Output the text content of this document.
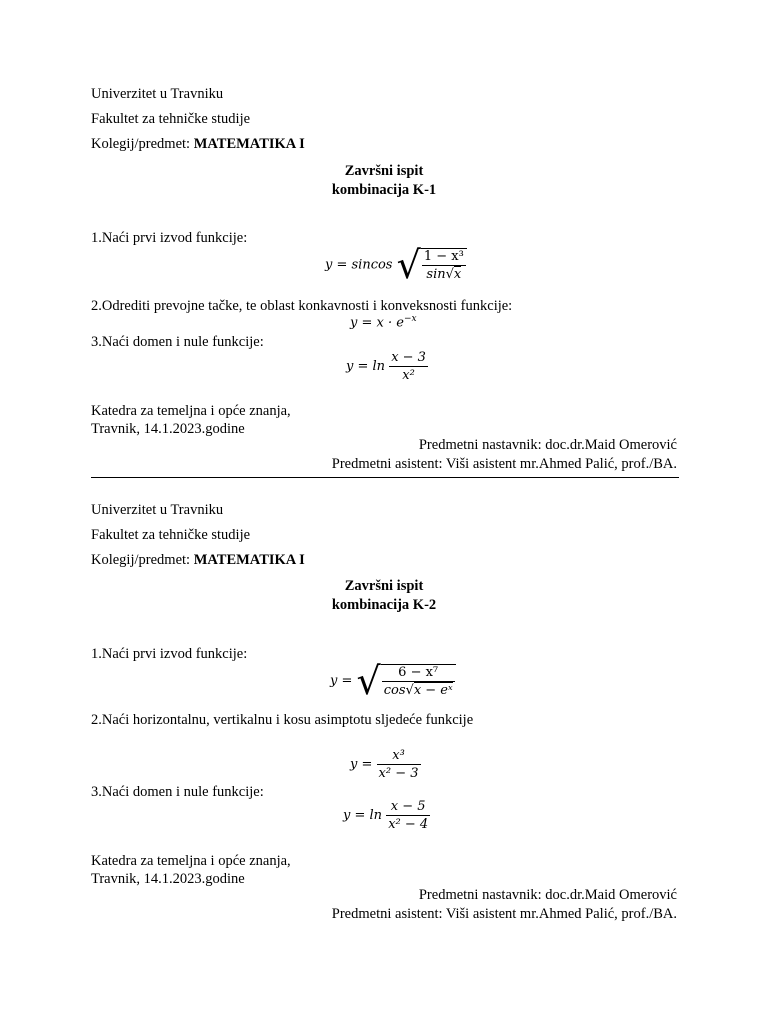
Univerzitet u Travniku
Fakultet za tehničke studije
Kolegij/predmet: MATEMATIKA I
Završni ispit
kombinacija K-1
1.Naći prvi izvod funkcije:
y = sincos √ $\frac{\text{1 − x³}}{\sin√x}$
2.Odrediti prevojne tačke, te oblast konkavnosti i konveksnosti funkcije:
$y = x \cdot e^{-x}$
3.Naći domen i nule funkcije:
$y = \ln \frac{x - 3}{\text{x²}}$
Katedra za temeljna i opće znanja,
Travnik, 14.1.2023.godine
Predmetni nastavnik: doc.dr.Maid Omerović
Predmetni asistent: Viši asistent mr.Ahmed Palić, prof./BA.
Univerzitet u Travniku
Fakultet za tehničke studije
Kolegij/predmet: MATEMATIKA I
Završni ispit
kombinacija K-2
1.Naći prvi izvod funkcije:
y = √ $\frac{\text{6 − x⁷}}{\text{cos√x − eˣ}}$
2.Naći horizontalnu, vertikalnu i kosu asimptotu sljedeće funkcije
$y = \frac{\text{x³}}{\text{x² − 3}}$
3.Naći domen i nule funkcije:
$y = \ln \frac{x - 5}{\text{x² − 4}}$
Katedra za temeljna i opće znanja,
Travnik, 14.1.2023.godine
Predmetni nastavnik: doc.dr.Maid Omerović
Predmetni asistent: Viši asistent mr.Ahmed Palić, prof./BA.
